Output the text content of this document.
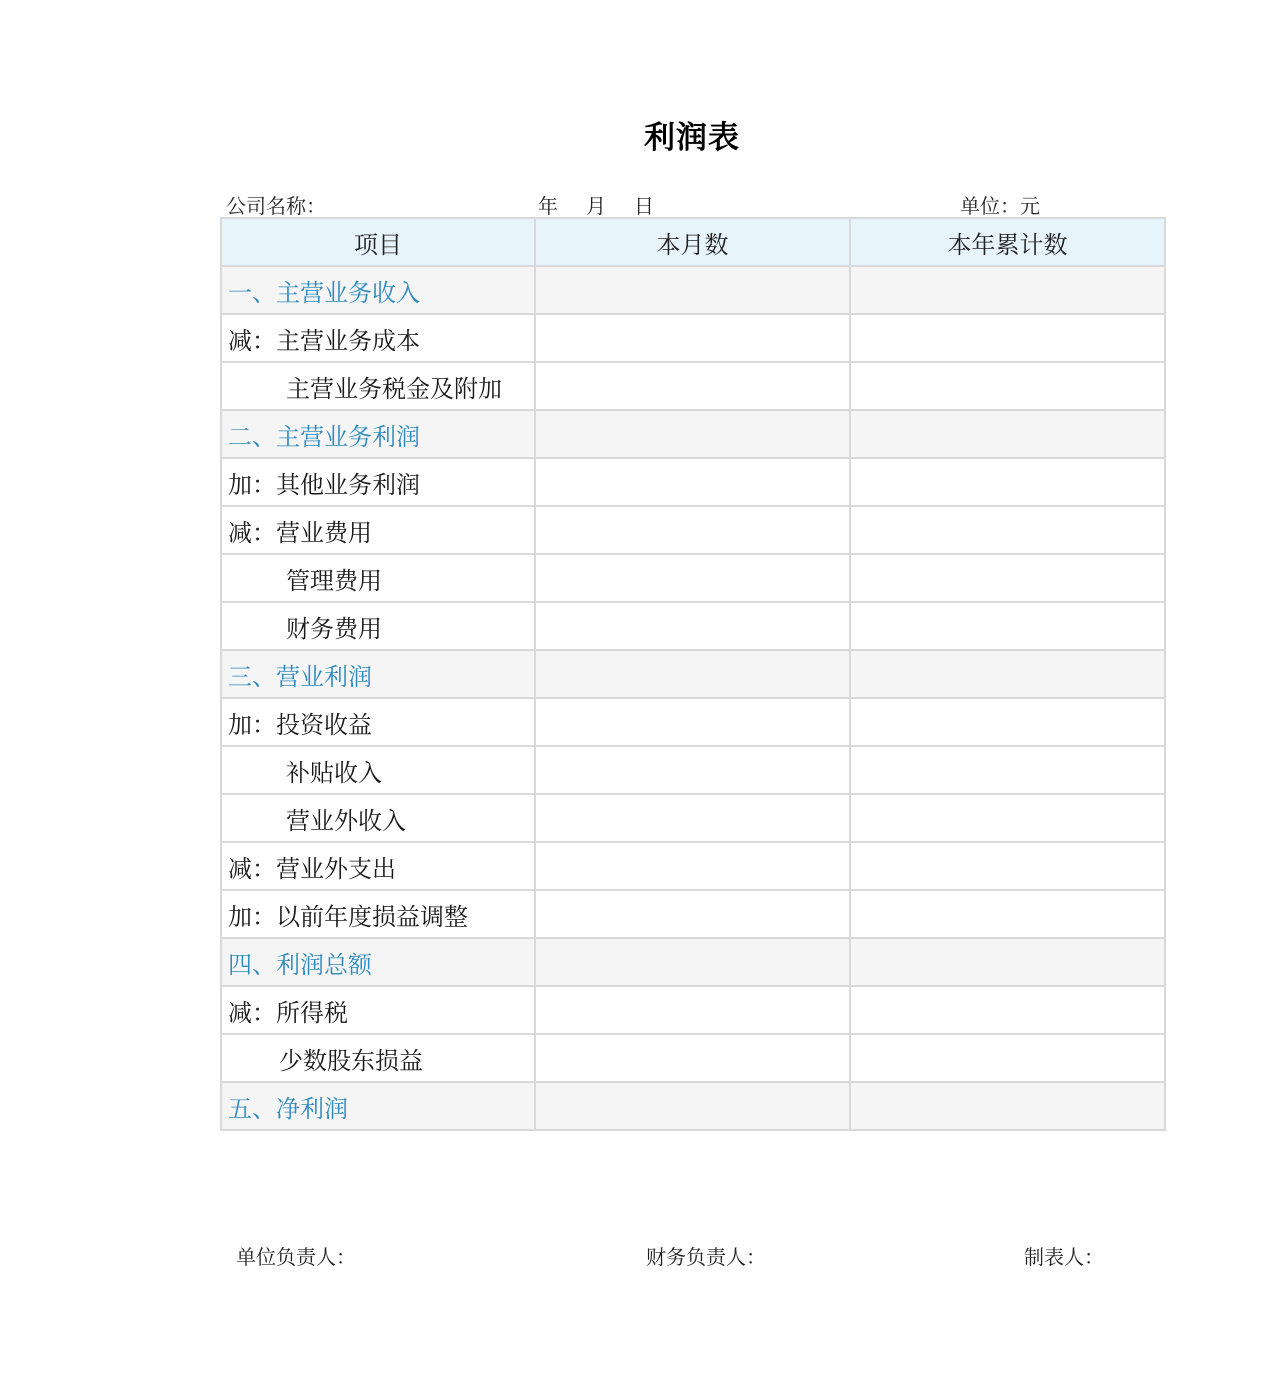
利润表
公司名称：	年 月 日	单位：元
项目	本月数	本年累计数
一、主营业务收入		
减：主营业务成本		
主营业务税金及附加		
二、主营业务利润		
加：其他业务利润		
减：营业费用		
管理费用		
财务费用		
三、营业利润		
加：投资收益		
补贴收入		
营业外收入		
减：营业外支出		
加：以前年度损益调整		
四、利润总额		
减：所得税		
少数股东损益		
五、净利润		
单位负责人：	财务负责人：	制表人：
